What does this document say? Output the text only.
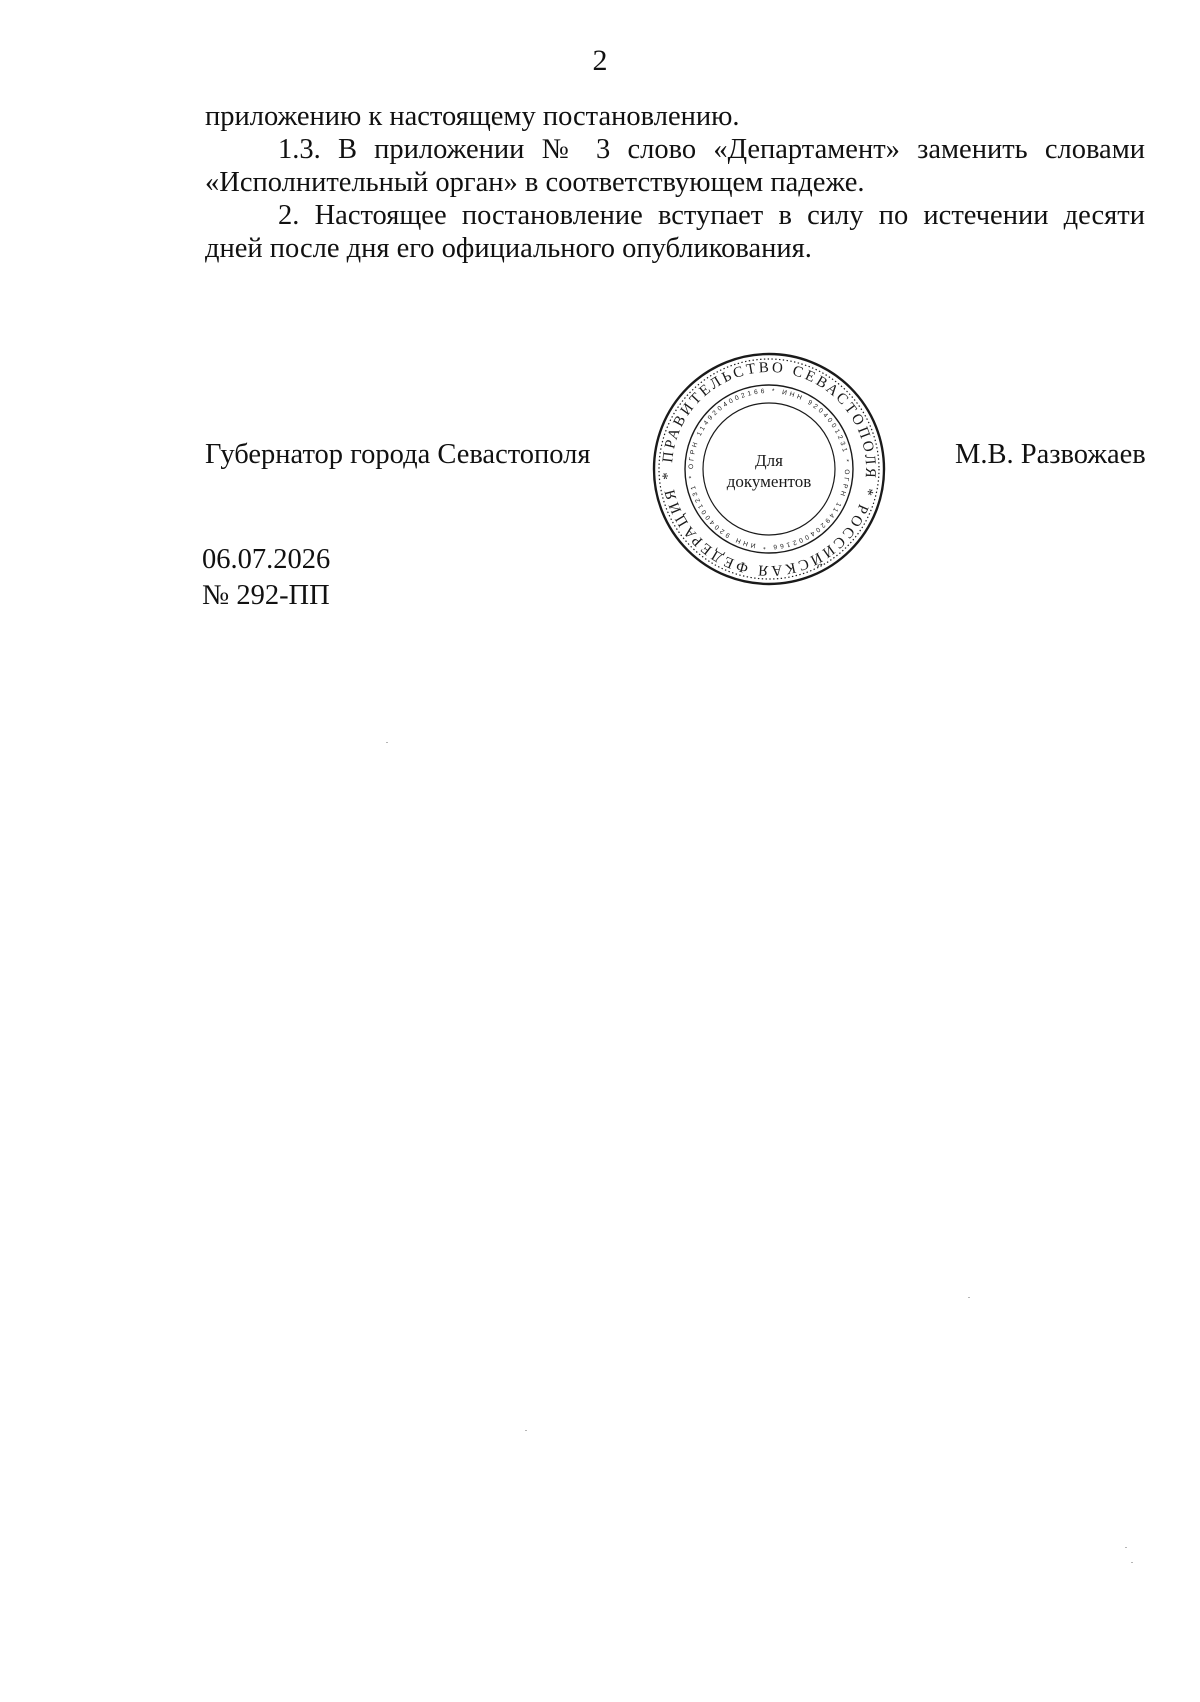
2

приложению к настоящему постановлению.

1.3. В приложении № 3 слово «Департамент» заменить словами «Исполнительный орган» в соответствующем падеже.

2. Настоящее постановление вступает в силу по истечении десяти дней после дня его официального опубликования.

Губернатор города Севастополя	ПРАВИТЕЛЬСТВО СЕВАСТОПОЛЯ * РОССИЙСКАЯ ФЕДЕРАЦИЯ *
ОГРН 1149204002166 * ИНН 9204001231 * ОГРН 1149204002166 * ИНН 9204001231 *
Для
документов
М.В. Развожаев
06.07.2026
№ 292-ПП
